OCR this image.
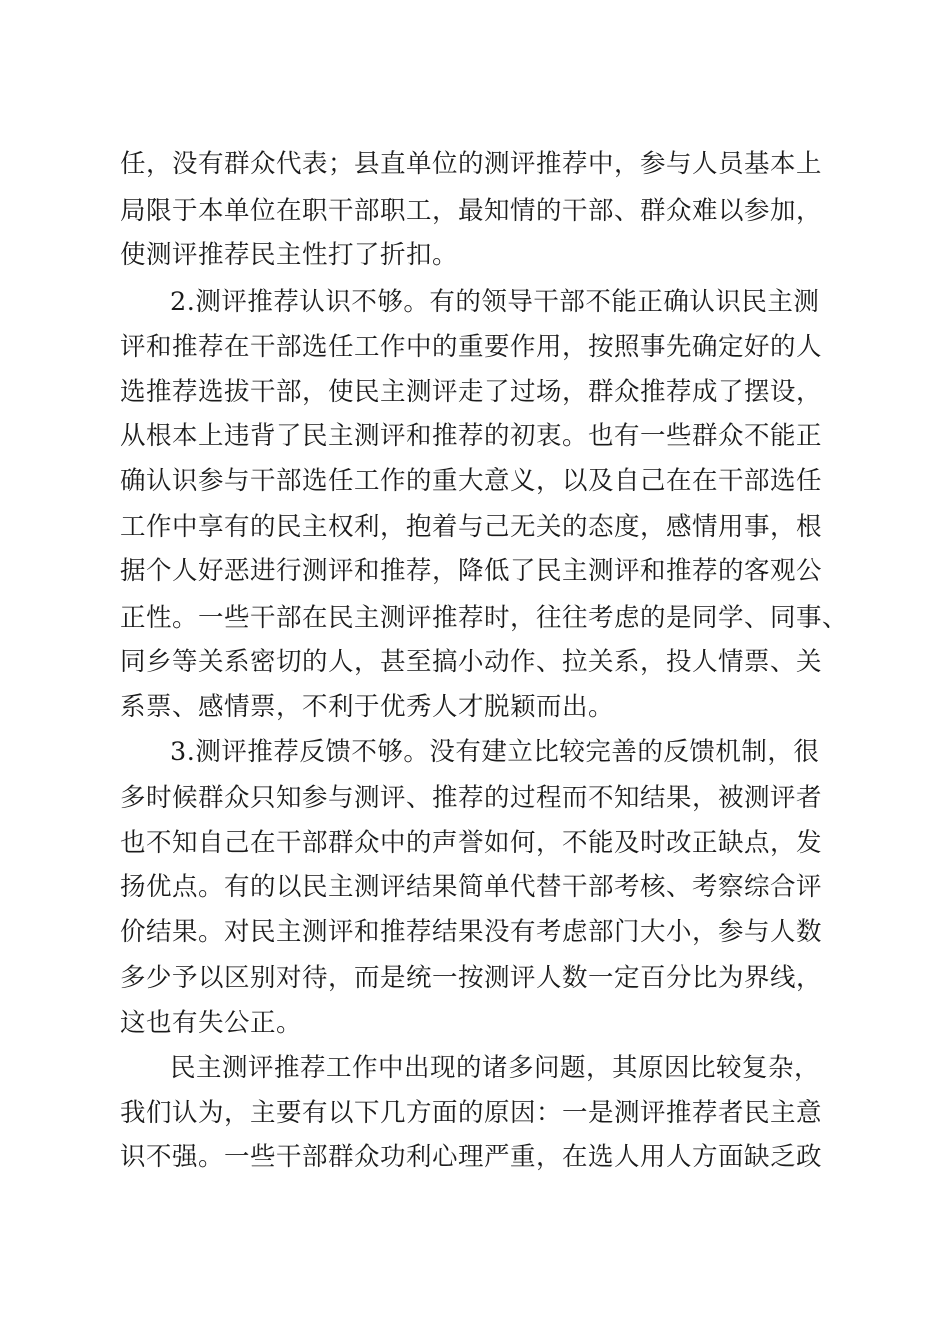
任，没有群众代表；县直单位的测评推荐中，参与人员基本上
局限于本单位在职干部职工，最知情的干部、群众难以参加，
使测评推荐民主性打了折扣。
2.测评推荐认识不够。有的领导干部不能正确认识民主测
评和推荐在干部选任工作中的重要作用，按照事先确定好的人
选推荐选拔干部，使民主测评走了过场，群众推荐成了摆设，
从根本上违背了民主测评和推荐的初衷。也有一些群众不能正
确认识参与干部选任工作的重大意义，以及自己在在干部选任
工作中享有的民主权利，抱着与己无关的态度，感情用事，根
据个人好恶进行测评和推荐，降低了民主测评和推荐的客观公
正性。一些干部在民主测评推荐时，往往考虑的是同学、同事、
同乡等关系密切的人，甚至搞小动作、拉关系，投人情票、关
系票、感情票，不利于优秀人才脱颖而出。
3.测评推荐反馈不够。没有建立比较完善的反馈机制，很
多时候群众只知参与测评、推荐的过程而不知结果，被测评者
也不知自己在干部群众中的声誉如何，不能及时改正缺点，发
扬优点。有的以民主测评结果简单代替干部考核、考察综合评
价结果。对民主测评和推荐结果没有考虑部门大小，参与人数
多少予以区别对待，而是统一按测评人数一定百分比为界线，
这也有失公正。
民主测评推荐工作中出现的诸多问题，其原因比较复杂，
我们认为，主要有以下几方面的原因：一是测评推荐者民主意
识不强。一些干部群众功利心理严重，在选人用人方面缺乏政
